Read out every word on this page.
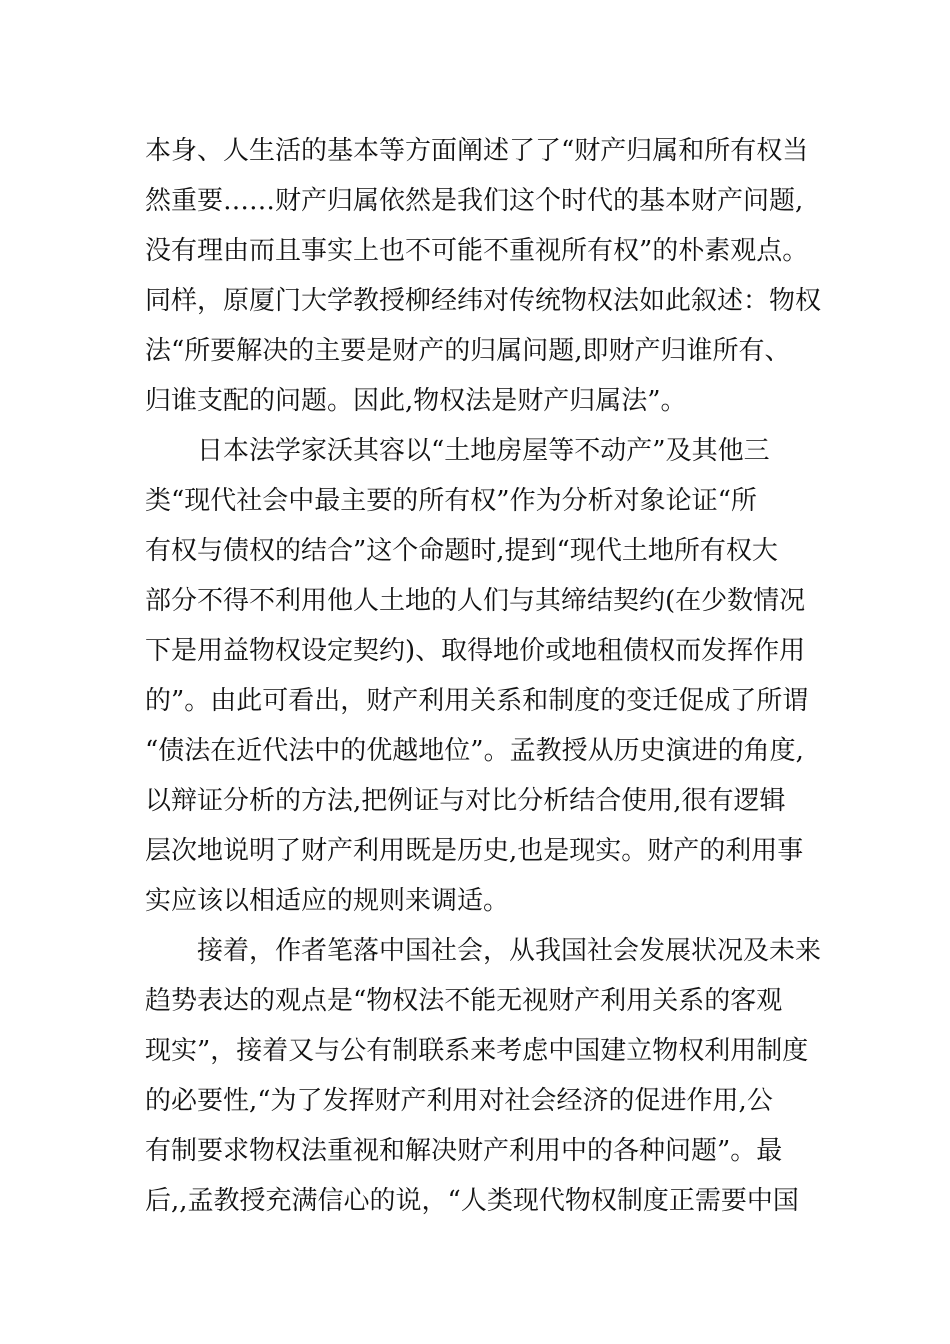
本身、人生活的基本等方面阐述了了“财产归属和所有权当
然重要……财产归属依然是我们这个时代的基本财产问题,
没有理由而且事实上也不可能不重视所有权”的朴素观点。
同样，原厦门大学教授柳经纬对传统物权法如此叙述：物权
法“所要解决的主要是财产的归属问题,即财产归谁所有、
归谁支配的问题。因此,物权法是财产归属法”。
日本法学家沃其容以“土地房屋等不动产”及其他三
类“现代社会中最主要的所有权”作为分析对象论证“所
有权与债权的结合”这个命题时,提到“现代土地所有权大
部分不得不利用他人土地的人们与其缔结契约(在少数情况
下是用益物权设定契约)、取得地价或地租债权而发挥作用
的”。由此可看出，财产利用关系和制度的变迁促成了所谓
“债法在近代法中的优越地位”。孟教授从历史演进的角度,
以辩证分析的方法,把例证与对比分析结合使用,很有逻辑
层次地说明了财产利用既是历史,也是现实。财产的利用事
实应该以相适应的规则来调适。
接着，作者笔落中国社会，从我国社会发展状况及未来
趋势表达的观点是“物权法不能无视财产利用关系的客观
现实”，接着又与公有制联系来考虑中国建立物权利用制度
的必要性,“为了发挥财产利用对社会经济的促进作用,公
有制要求物权法重视和解决财产利用中的各种问题”。最
后,,孟教授充满信心的说，“人类现代物权制度正需要中国
